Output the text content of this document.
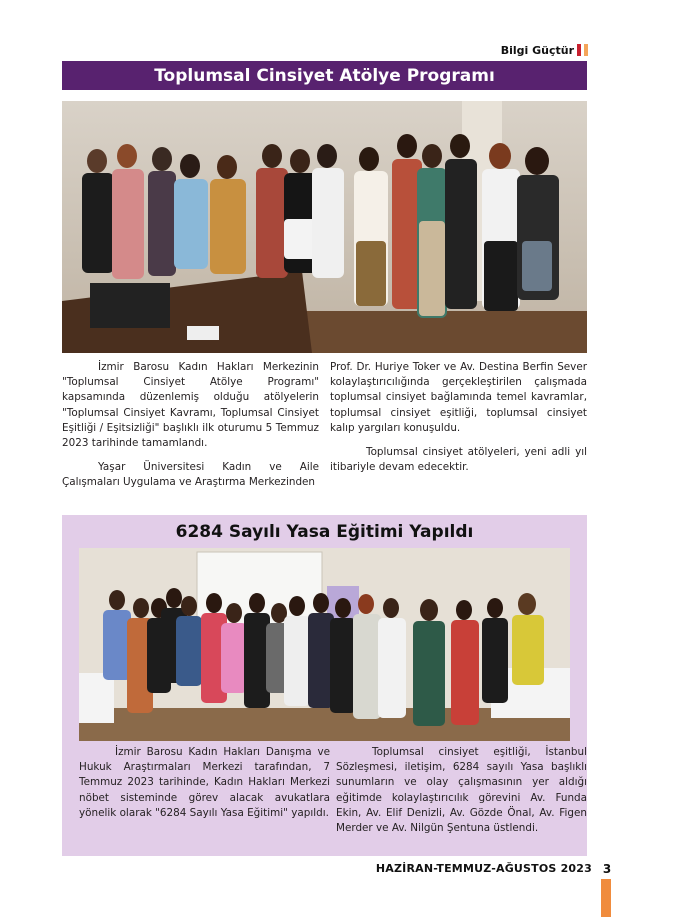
Bilgi Güçtür
Toplumsal Cinsiyet Atölye Programı

İzmir Barosu Kadın Hakları Merkezinin "Toplumsal Cinsiyet Atölye Programı" kapsamında düzenlemiş olduğu atölyelerin "Toplumsal Cinsiyet Kavramı, Toplumsal Cinsiyet Eşitliği / Eşitsizliği" başlıklı ilk oturumu 5 Temmuz 2023 tarihinde tamamlandı.

Yaşar Üniversitesi Kadın ve Aile Çalışmaları Uygulama ve Araştırma Merkezinden

Prof. Dr. Huriye Toker ve Av. Destina Berfin Sever kolaylaştırıcılığında gerçekleştirilen çalışmada toplumsal cinsiyet bağlamında temel kavramlar, toplumsal cinsiyet eşitliği, toplumsal cinsiyet kalıp yargıları konuşuldu.

Toplumsal cinsiyet atölyeleri, yeni adli yıl itibariyle devam edecektir.

6284 Sayılı Yasa Eğitimi Yapıldı

İzmir Barosu Kadın Hakları Danışma ve Hukuk Araştırmaları Merkezi tarafından, 7 Temmuz 2023 tarihinde, Kadın Hakları Merkezi nöbet sisteminde görev alacak avukatlara yönelik olarak "6284 Sayılı Yasa Eğitimi" yapıldı.

Toplumsal cinsiyet eşitliği, İstanbul Sözleşmesi, iletişim, 6284 sayılı Yasa başlıklı sunumların ve olay çalışmasının yer aldığı eğitimde kolaylaştırıcılık görevini Av. Funda Ekin, Av. Elif Denizli, Av. Gözde Önal, Av. Figen Merder ve Av. Nilgün Şentuna üstlendi.

HAZİRAN-TEMMUZ-AĞUSTOS 2023 3
